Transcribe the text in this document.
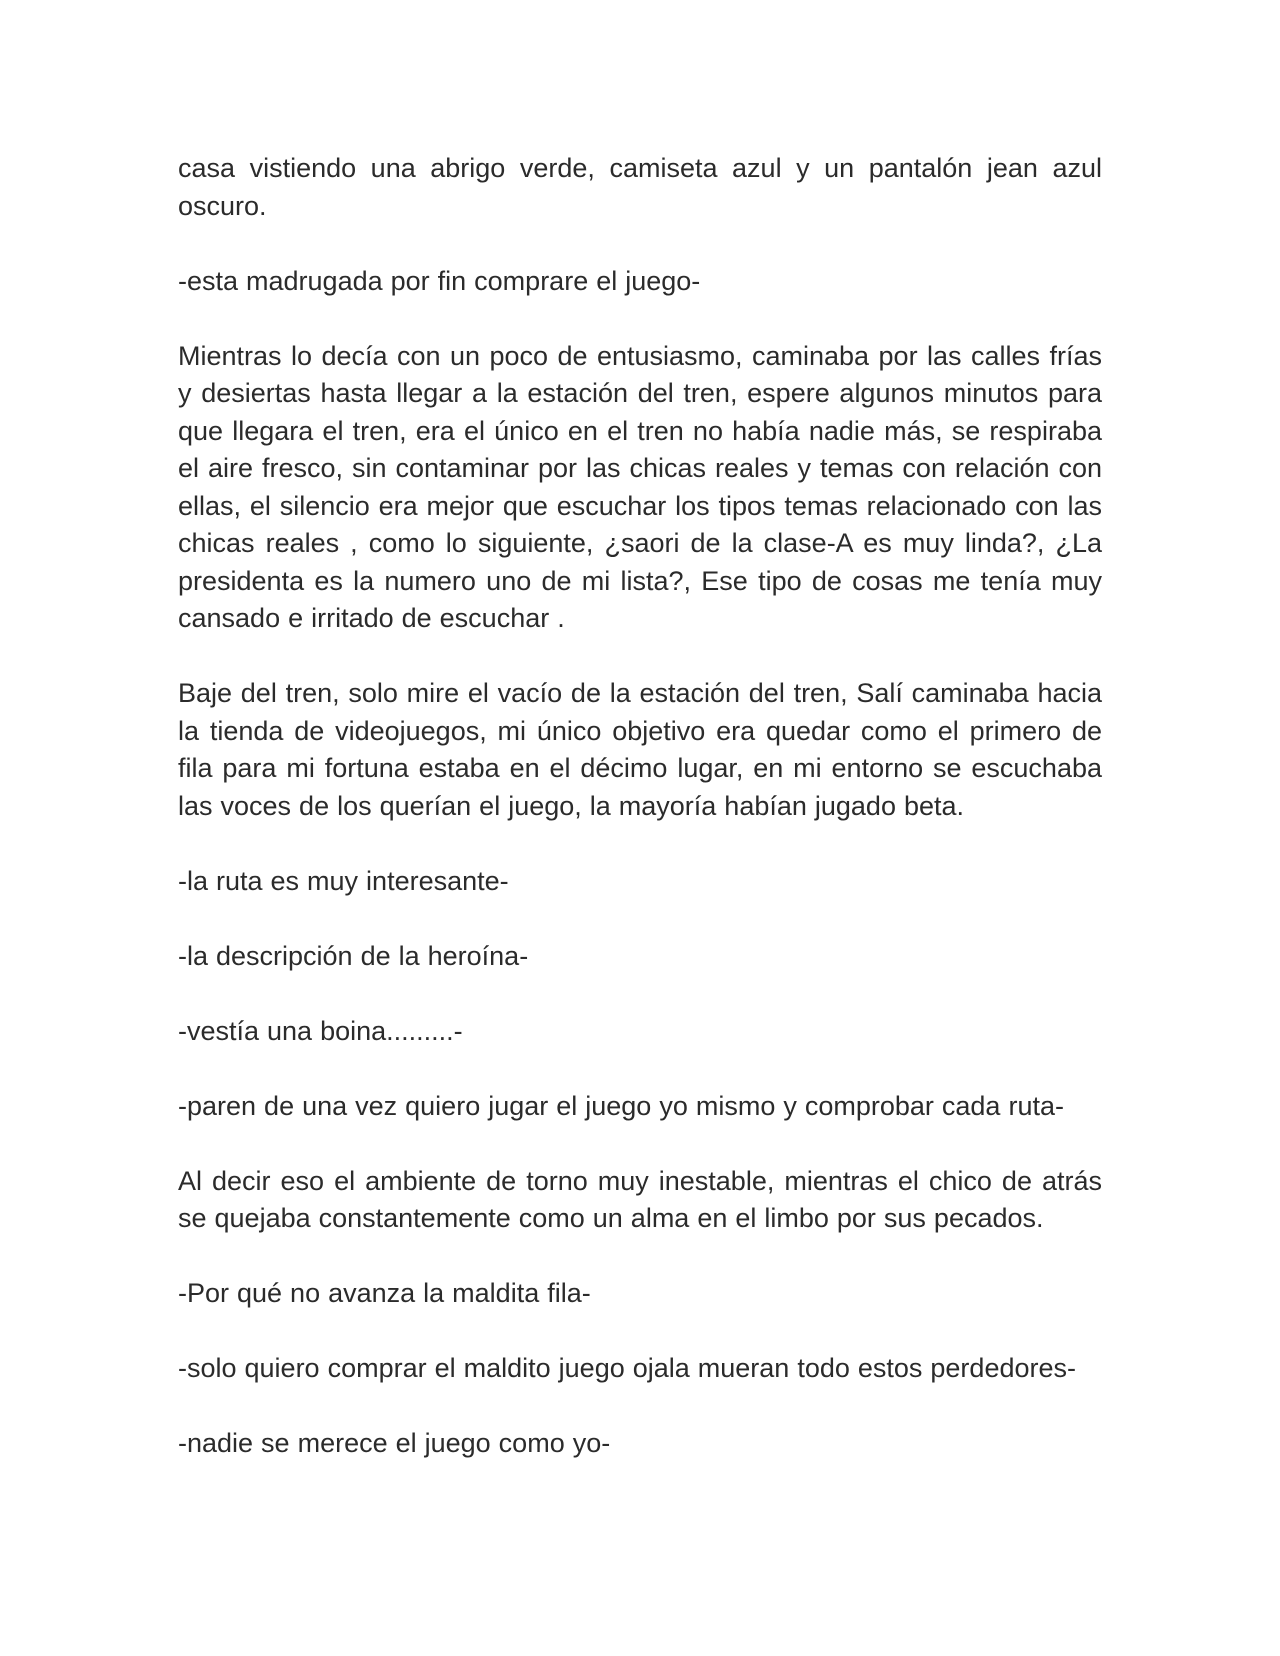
casa vistiendo una abrigo verde, camiseta azul y un pantalón jean azul oscuro.

-esta madrugada por fin comprare el juego-

Mientras lo decía con un poco de entusiasmo, caminaba por las calles frías y desiertas hasta llegar a la estación del tren, espere algunos minutos para que llegara el tren, era el único en el tren no había nadie más, se respiraba el aire fresco, sin contaminar por las chicas reales y temas con relación con ellas, el silencio era mejor que escuchar los tipos temas relacionado con las chicas reales , como lo siguiente, ¿saori de la clase-A es muy linda?, ¿La presidenta es la numero uno de mi lista?, Ese tipo de cosas me tenía muy cansado e irritado de escuchar .

Baje del tren, solo mire el vacío de la estación del tren, Salí caminaba hacia la tienda de videojuegos, mi único objetivo era quedar como el primero de fila para mi fortuna estaba en el décimo lugar, en mi entorno se escuchaba las voces de los querían el juego, la mayoría habían jugado beta.

-la ruta es muy interesante-

-la descripción de la heroína-

-vestía una boina.........-

-paren de una vez quiero jugar el juego yo mismo y comprobar cada ruta-

Al decir eso el ambiente de torno muy inestable, mientras el chico de atrás se quejaba constantemente como un alma en el limbo por sus pecados.

-Por qué no avanza la maldita fila-

-solo quiero comprar el maldito juego ojala mueran todo estos perdedores-

-nadie se merece el juego como yo-
